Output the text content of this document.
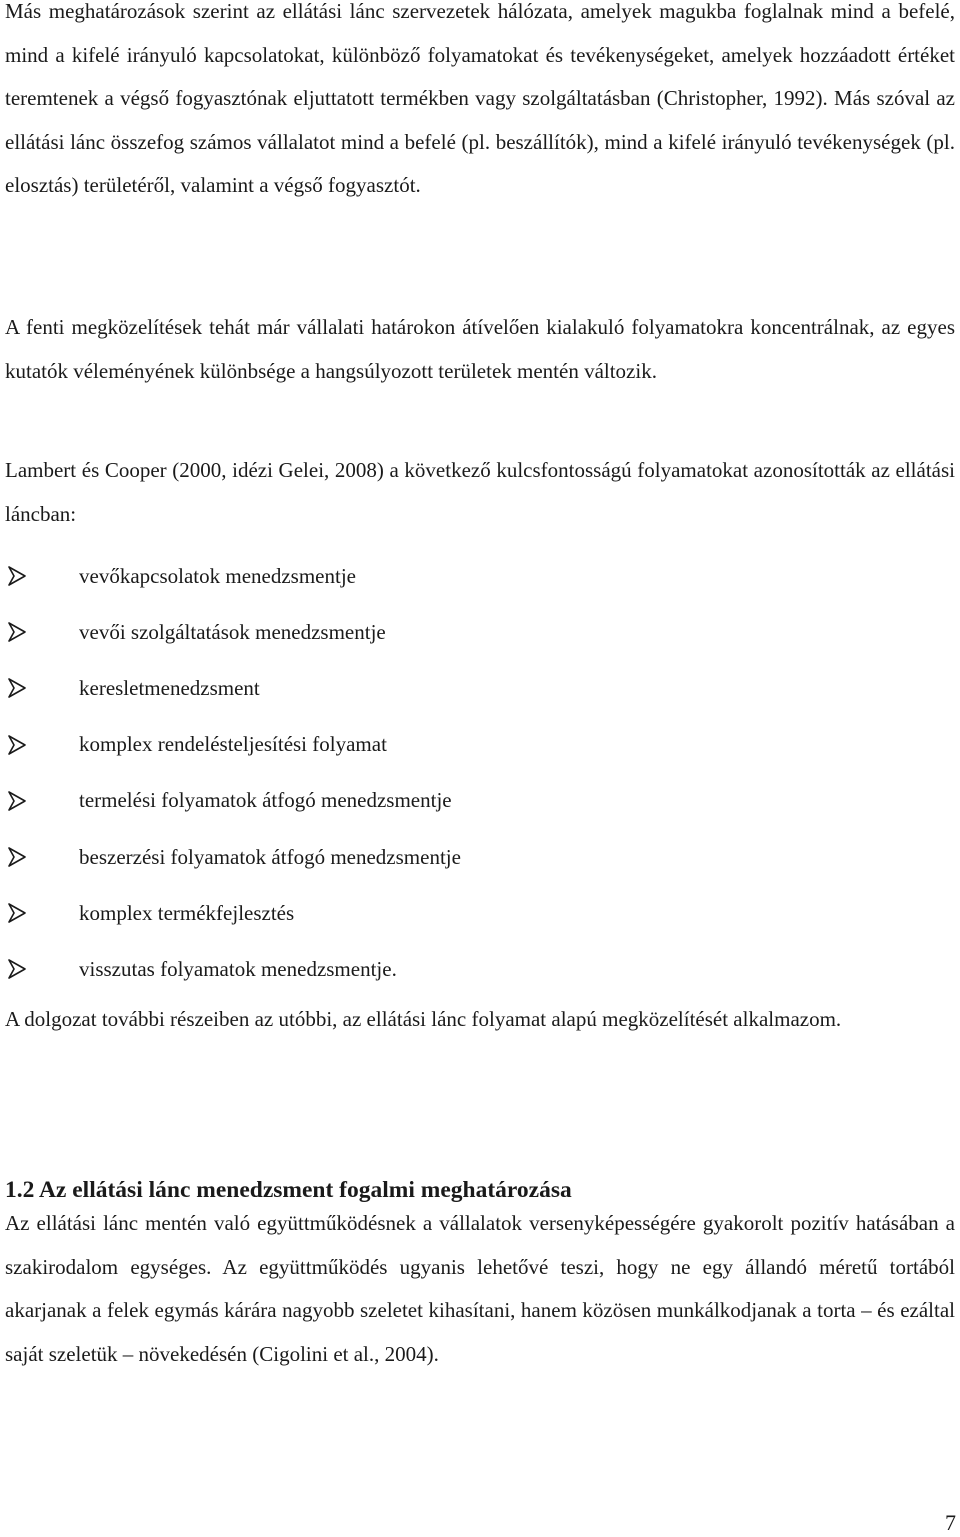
Más meghatározások szerint az ellátási lánc szervezetek hálózata, amelyek magukba foglalnak mind a befelé, mind a kifelé irányuló kapcsolatokat, különböző folyamatokat és tevékenységeket, amelyek hozzáadott értéket teremtenek a végső fogyasztónak eljuttatott termékben vagy szolgáltatásban (Christopher, 1992). Más szóval az ellátási lánc összefog számos vállalatot mind a befelé (pl. beszállítók), mind a kifelé irányuló tevékenységek (pl. elosztás) területéről, valamint a végső fogyasztót.

A fenti megközelítések tehát már vállalati határokon átívelően kialakuló folyamatokra koncentrálnak, az egyes kutatók véleményének különbsége a hangsúlyozott területek mentén változik.

Lambert és Cooper (2000, idézi Gelei, 2008) a következő kulcsfontosságú folyamatokat azonosították az ellátási láncban:

vevőkapcsolatok menedzsmentje
vevői szolgáltatások menedzsmentje
keresletmenedzsment
komplex rendelésteljesítési folyamat
termelési folyamatok átfogó menedzsmentje
beszerzési folyamatok átfogó menedzsmentje
komplex termékfejlesztés
visszutas folyamatok menedzsmentje.

A dolgozat további részeiben az utóbbi, az ellátási lánc folyamat alapú megközelítését alkalmazom.

1.2 Az ellátási lánc menedzsment fogalmi meghatározása

Az ellátási lánc mentén való együttműködésnek a vállalatok versenyképességére gyakorolt pozitív hatásában a szakirodalom egységes. Az együttműködés ugyanis lehetővé teszi, hogy ne egy állandó méretű tortából akarjanak a felek egymás kárára nagyobb szeletet kihasítani, hanem közösen munkálkodjanak a torta – és ezáltal saját szeletük – növekedésén (Cigolini et al., 2004).

7
